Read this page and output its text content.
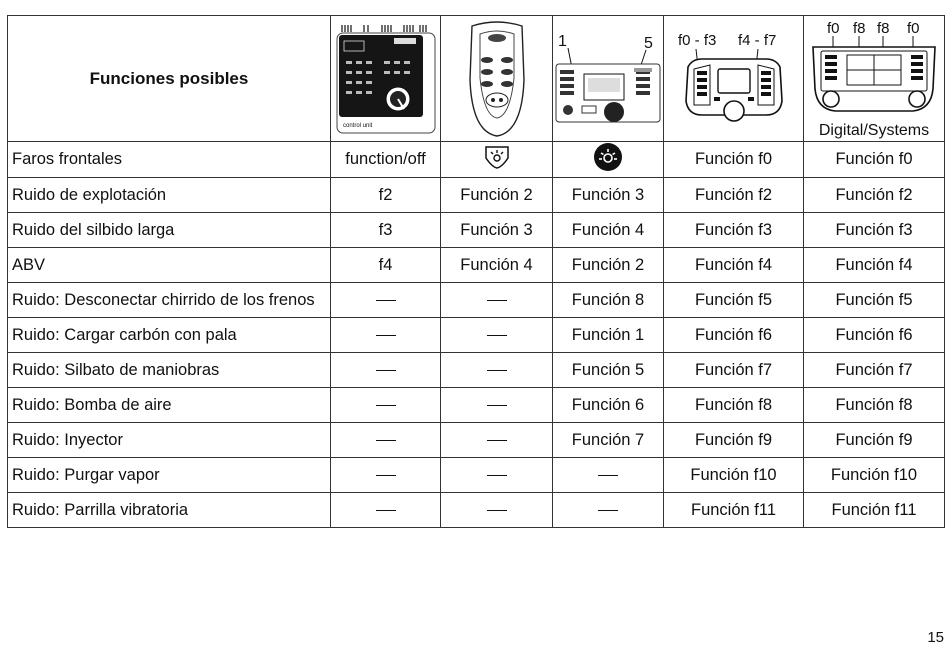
Funciones posibles	control unit		1 5	f0 - f3 f4 - f7	f0 f8 f8 f0
Digital/Systems

Faros frontales	function/off			Función f0	Función f0
Ruido de explotación	f2	Función 2	Función 3	Función f2	Función f2
Ruido del silbido larga	f3	Función 3	Función 4	Función f3	Función f3
ABV	f4	Función 4	Función 2	Función f4	Función f4
Ruido: Desconectar chirrido de los frenos			Función 8	Función f5	Función f5
Ruido: Cargar carbón con pala			Función 1	Función f6	Función f6
Ruido: Silbato de maniobras			Función 5	Función f7	Función f7
Ruido: Bomba de aire			Función 6	Función f8	Función f8
Ruido: Inyector			Función 7	Función f9	Función f9
Ruido: Purgar vapor				Función f10	Función f10
Ruido: Parrilla vibratoria				Función f11	Función f11
15
